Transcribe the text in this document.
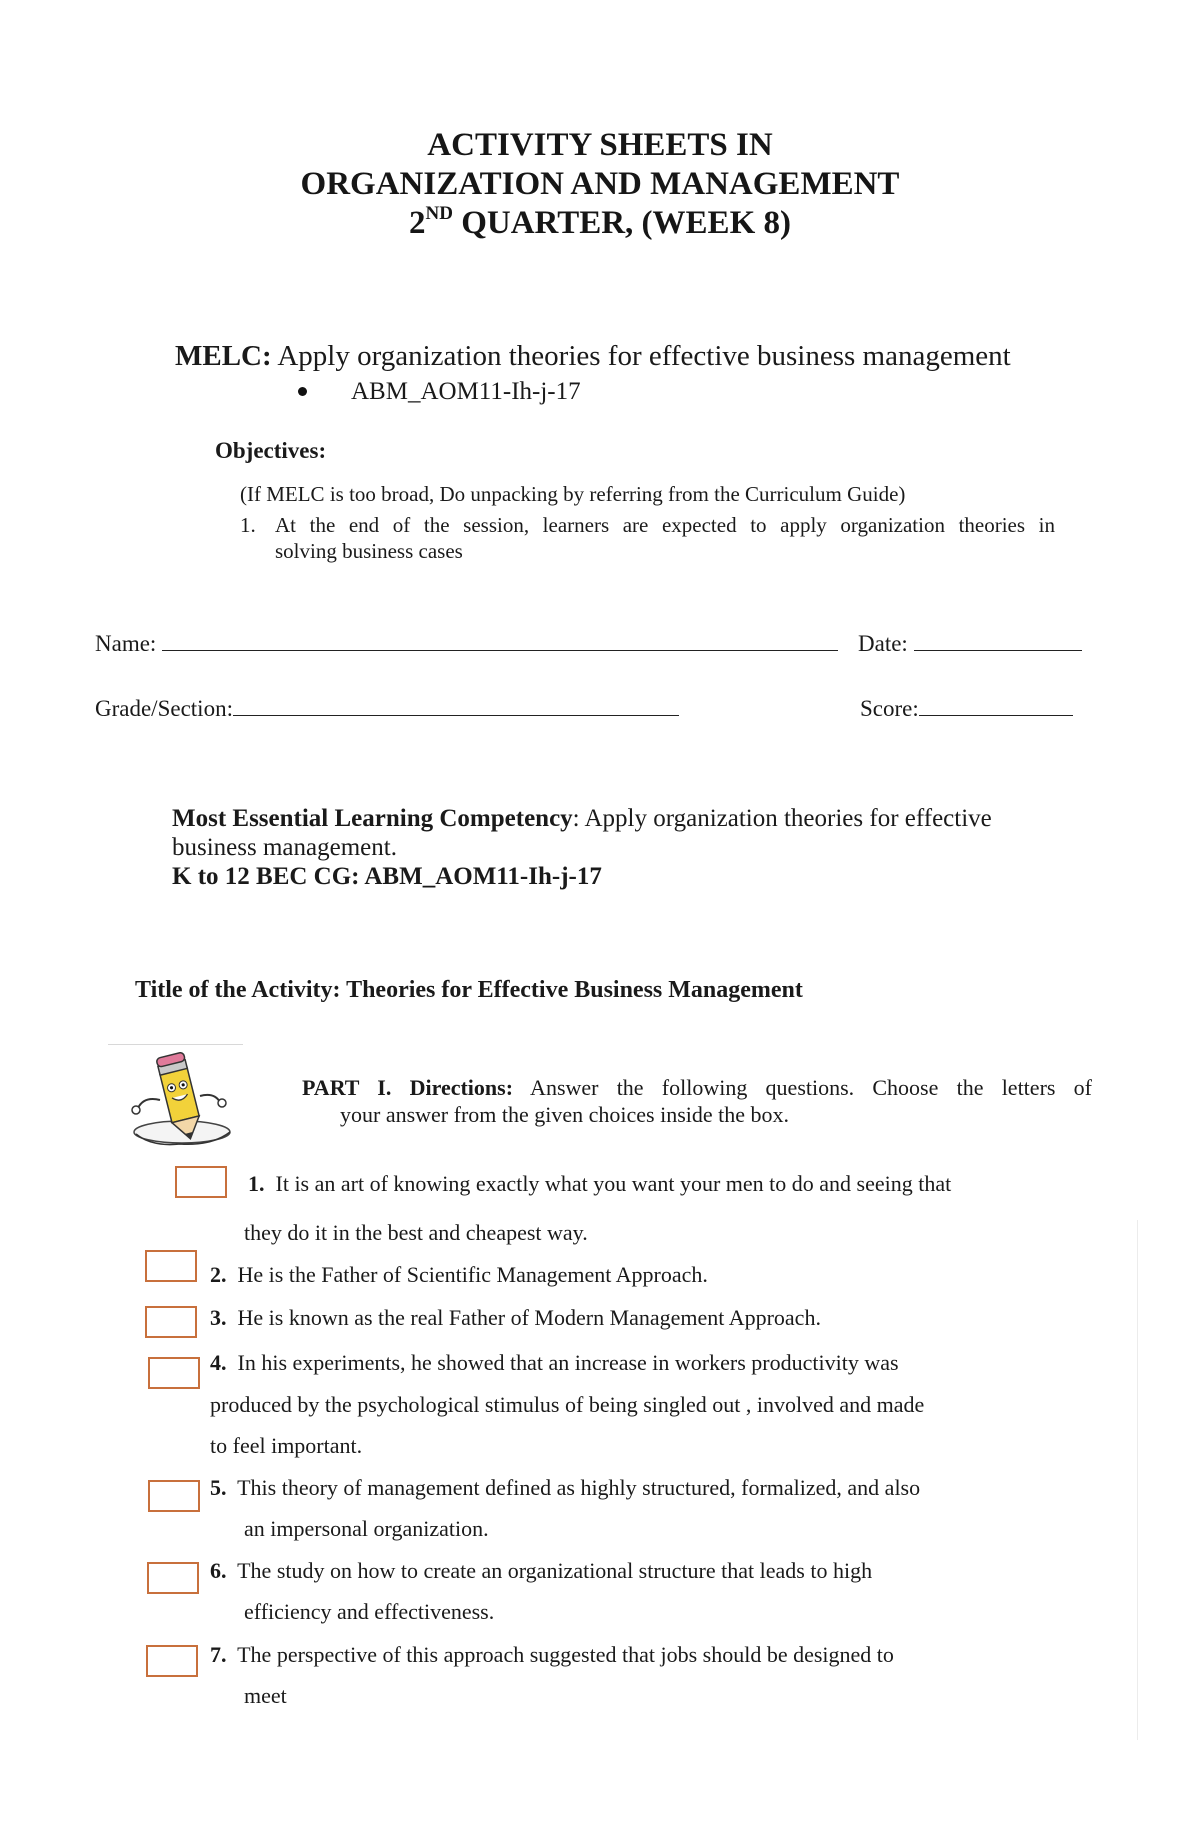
ACTIVITY SHEETS IN
ORGANIZATION AND MANAGEMENT
2ND QUARTER, (WEEK 8)
MELC: Apply organization theories for effective business management
ABM_AOM11-Ih-j-17
Objectives:
(If MELC is too broad, Do unpacking by referring from the Curriculum Guide)
1. At the end of the session, learners are expected to apply organization theories in
solving business cases
Name:	Date:
Grade/Section:	Score:
Most Essential Learning Competency: Apply organization theories for effective
business management.
K to 12 BEC CG: ABM_AOM11-Ih-j-17
Title of the Activity: Theories for Effective Business Management
PART I. Directions: Answer the following questions. Choose the letters of
your answer from the given choices inside the box.
1. It is an art of knowing exactly what you want your men to do and seeing that
they do it in the best and cheapest way.
2. He is the Father of Scientific Management Approach.
3. He is known as the real Father of Modern Management Approach.
4. In his experiments, he showed that an increase in workers productivity was
produced by the psychological stimulus of being singled out , involved and made
to feel important.
5. This theory of management defined as highly structured, formalized, and also
an impersonal organization.
6. The study on how to create an organizational structure that leads to high
efficiency and effectiveness.
7. The perspective of this approach suggested that jobs should be designed to
meet
